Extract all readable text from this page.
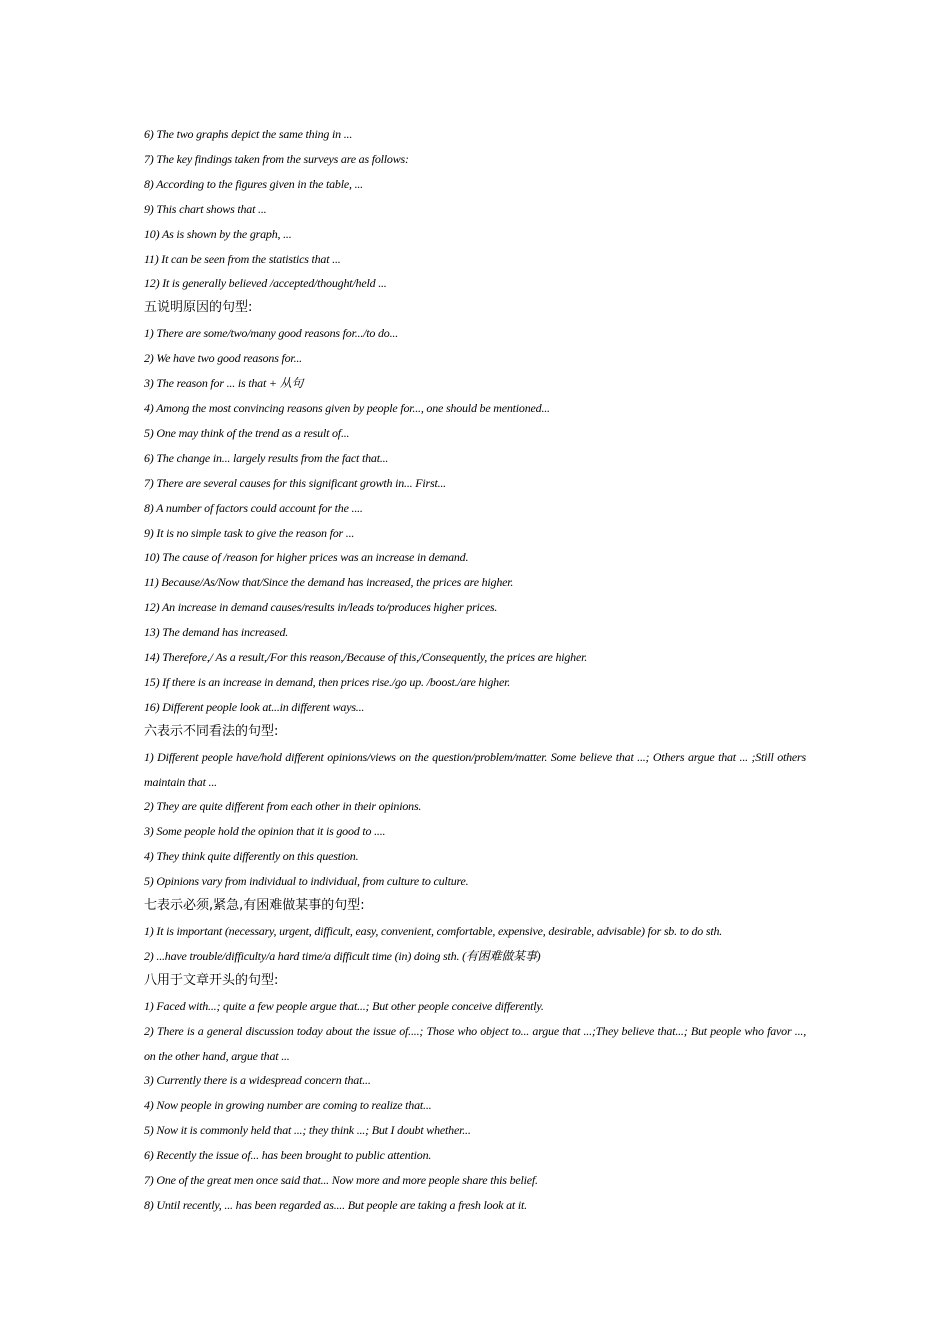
6) The two graphs depict the same thing in ...
7) The key findings taken from the surveys are as follows:
8) According to the figures given in the table, ...
9) This chart shows that ...
10) As is shown by the graph, ...
11) It can be seen from the statistics that ...
12) It is generally believed /accepted/thought/held ...
五说明原因的句型:
1) There are some/two/many good reasons for.../to do...
2) We have two good reasons for...
3) The reason for ... is that + 从句
4) Among the most convincing reasons given by people for..., one should be mentioned...
5) One may think of the trend as a result of...
6) The change in... largely results from the fact that...
7) There are several causes for this significant growth in... First...
8) A number of factors could account for the ....
9) It is no simple task to give the reason for ...
10) The cause of /reason for higher prices was an increase in demand.
11) Because/As/Now that/Since the demand has increased, the prices are higher.
12) An increase in demand causes/results in/leads to/produces higher prices.
13) The demand has increased.
14) Therefore,/ As a result,/For this reason,/Because of this,/Consequently, the prices are higher.
15) If there is an increase in demand, then prices rise./go up. /boost./are higher.
16) Different people look at...in different ways...
六表示不同看法的句型:
1) Different people have/hold different opinions/views on the question/problem/matter. Some believe that ...; Others argue that ... ;Still others maintain that ...
2) They are quite different from each other in their opinions.
3) Some people hold the opinion that it is good to ....
4) They think quite differently on this question.
5) Opinions vary from individual to individual, from culture to culture.
七表示必须,紧急,有困难做某事的句型:
1) It is important (necessary, urgent, difficult, easy, convenient, comfortable, expensive, desirable, advisable) for sb. to do sth.
2) ...have trouble/difficulty/a hard time/a difficult time (in) doing sth. (有困难做某事)
八用于文章开头的句型:
1) Faced with...; quite a few people argue that...; But other people conceive differently.
2) There is a general discussion today about the issue of....; Those who object to... argue that ...;They believe that...; But people who favor ..., on the other hand, argue that ...
3) Currently there is a widespread concern that...
4) Now people in growing number are coming to realize that...
5) Now it is commonly held that ...; they think ...; But I doubt whether...
6) Recently the issue of... has been brought to public attention.
7) One of the great men once said that... Now more and more people share this belief.
8) Until recently, ... has been regarded as.... But people are taking a fresh look at it.
